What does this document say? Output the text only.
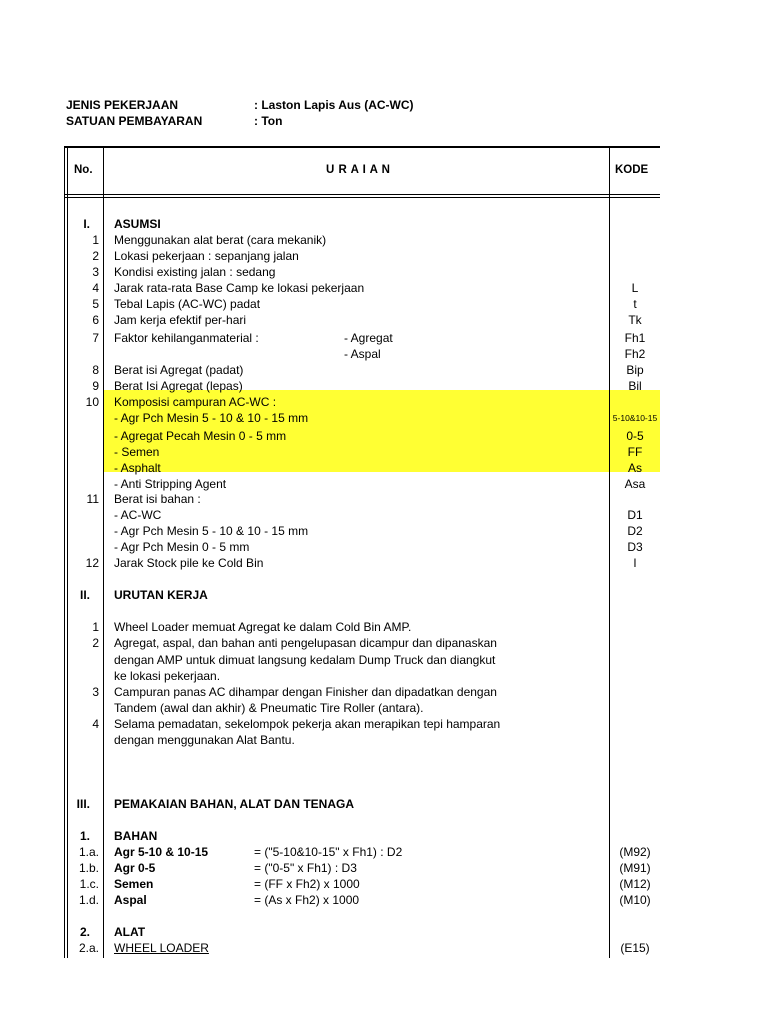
JENIS PEKERJAAN	: Laston Lapis Aus (AC-WC)
SATUAN PEMBAYARAN	: Ton
No.	U R A I A N	KODE
I. ASUMSI
1 Menggunakan alat berat (cara mekanik)
2 Lokasi pekerjaan : sepanjang jalan
3 Kondisi existing jalan : sedang
4 Jarak rata-rata Base Camp ke lokasi pekerjaan	L
5 Tebal Lapis (AC-WC) padat	t
6 Jam kerja efektif per-hari	Tk
7 Faktor kehilanganmaterial :	- Agregat	Fh1
- Aspal	Fh2
8 Berat isi Agregat (padat)	Bip
9 Berat Isi Agregat (lepas)	Bil
10 Komposisi campuran AC-WC :
- Agr Pch Mesin 5 - 10 & 10 - 15 mm	5-10&10-15
- Agregat Pecah Mesin 0 - 5 mm	0-5
- Semen	FF
- Asphalt	As
- Anti Stripping Agent	Asa
11 Berat isi bahan :
- AC-WC	D1
- Agr Pch Mesin 5 - 10 & 10 - 15 mm	D2
- Agr Pch Mesin 0 - 5 mm	D3
12 Jarak Stock pile ke Cold Bin	l
II. URUTAN KERJA
1 Wheel Loader memuat Agregat ke dalam Cold Bin AMP.
2 Agregat, aspal, dan bahan anti pengelupasan dicampur dan dipanaskan
dengan AMP untuk dimuat langsung kedalam Dump Truck dan diangkut
ke lokasi pekerjaan.
3 Campuran panas AC dihampar dengan Finisher dan dipadatkan dengan
Tandem (awal dan akhir) & Pneumatic Tire Roller (antara).
4 Selama pemadatan, sekelompok pekerja akan merapikan tepi hamparan
dengan menggunakan Alat Bantu.
III. PEMAKAIAN BAHAN, ALAT DAN TENAGA
1. BAHAN
1.a. Agr 5-10 & 10-15	= ("5-10&10-15" x Fh1) : D2	(M92)
1.b. Agr 0-5	= ("0-5" x Fh1) : D3	(M91)
1.c. Semen	= (FF x Fh2) x 1000	(M12)
1.d. Aspal	= (As x Fh2) x 1000	(M10)
2. ALAT
2.a. WHEEL LOADER	(E15)
